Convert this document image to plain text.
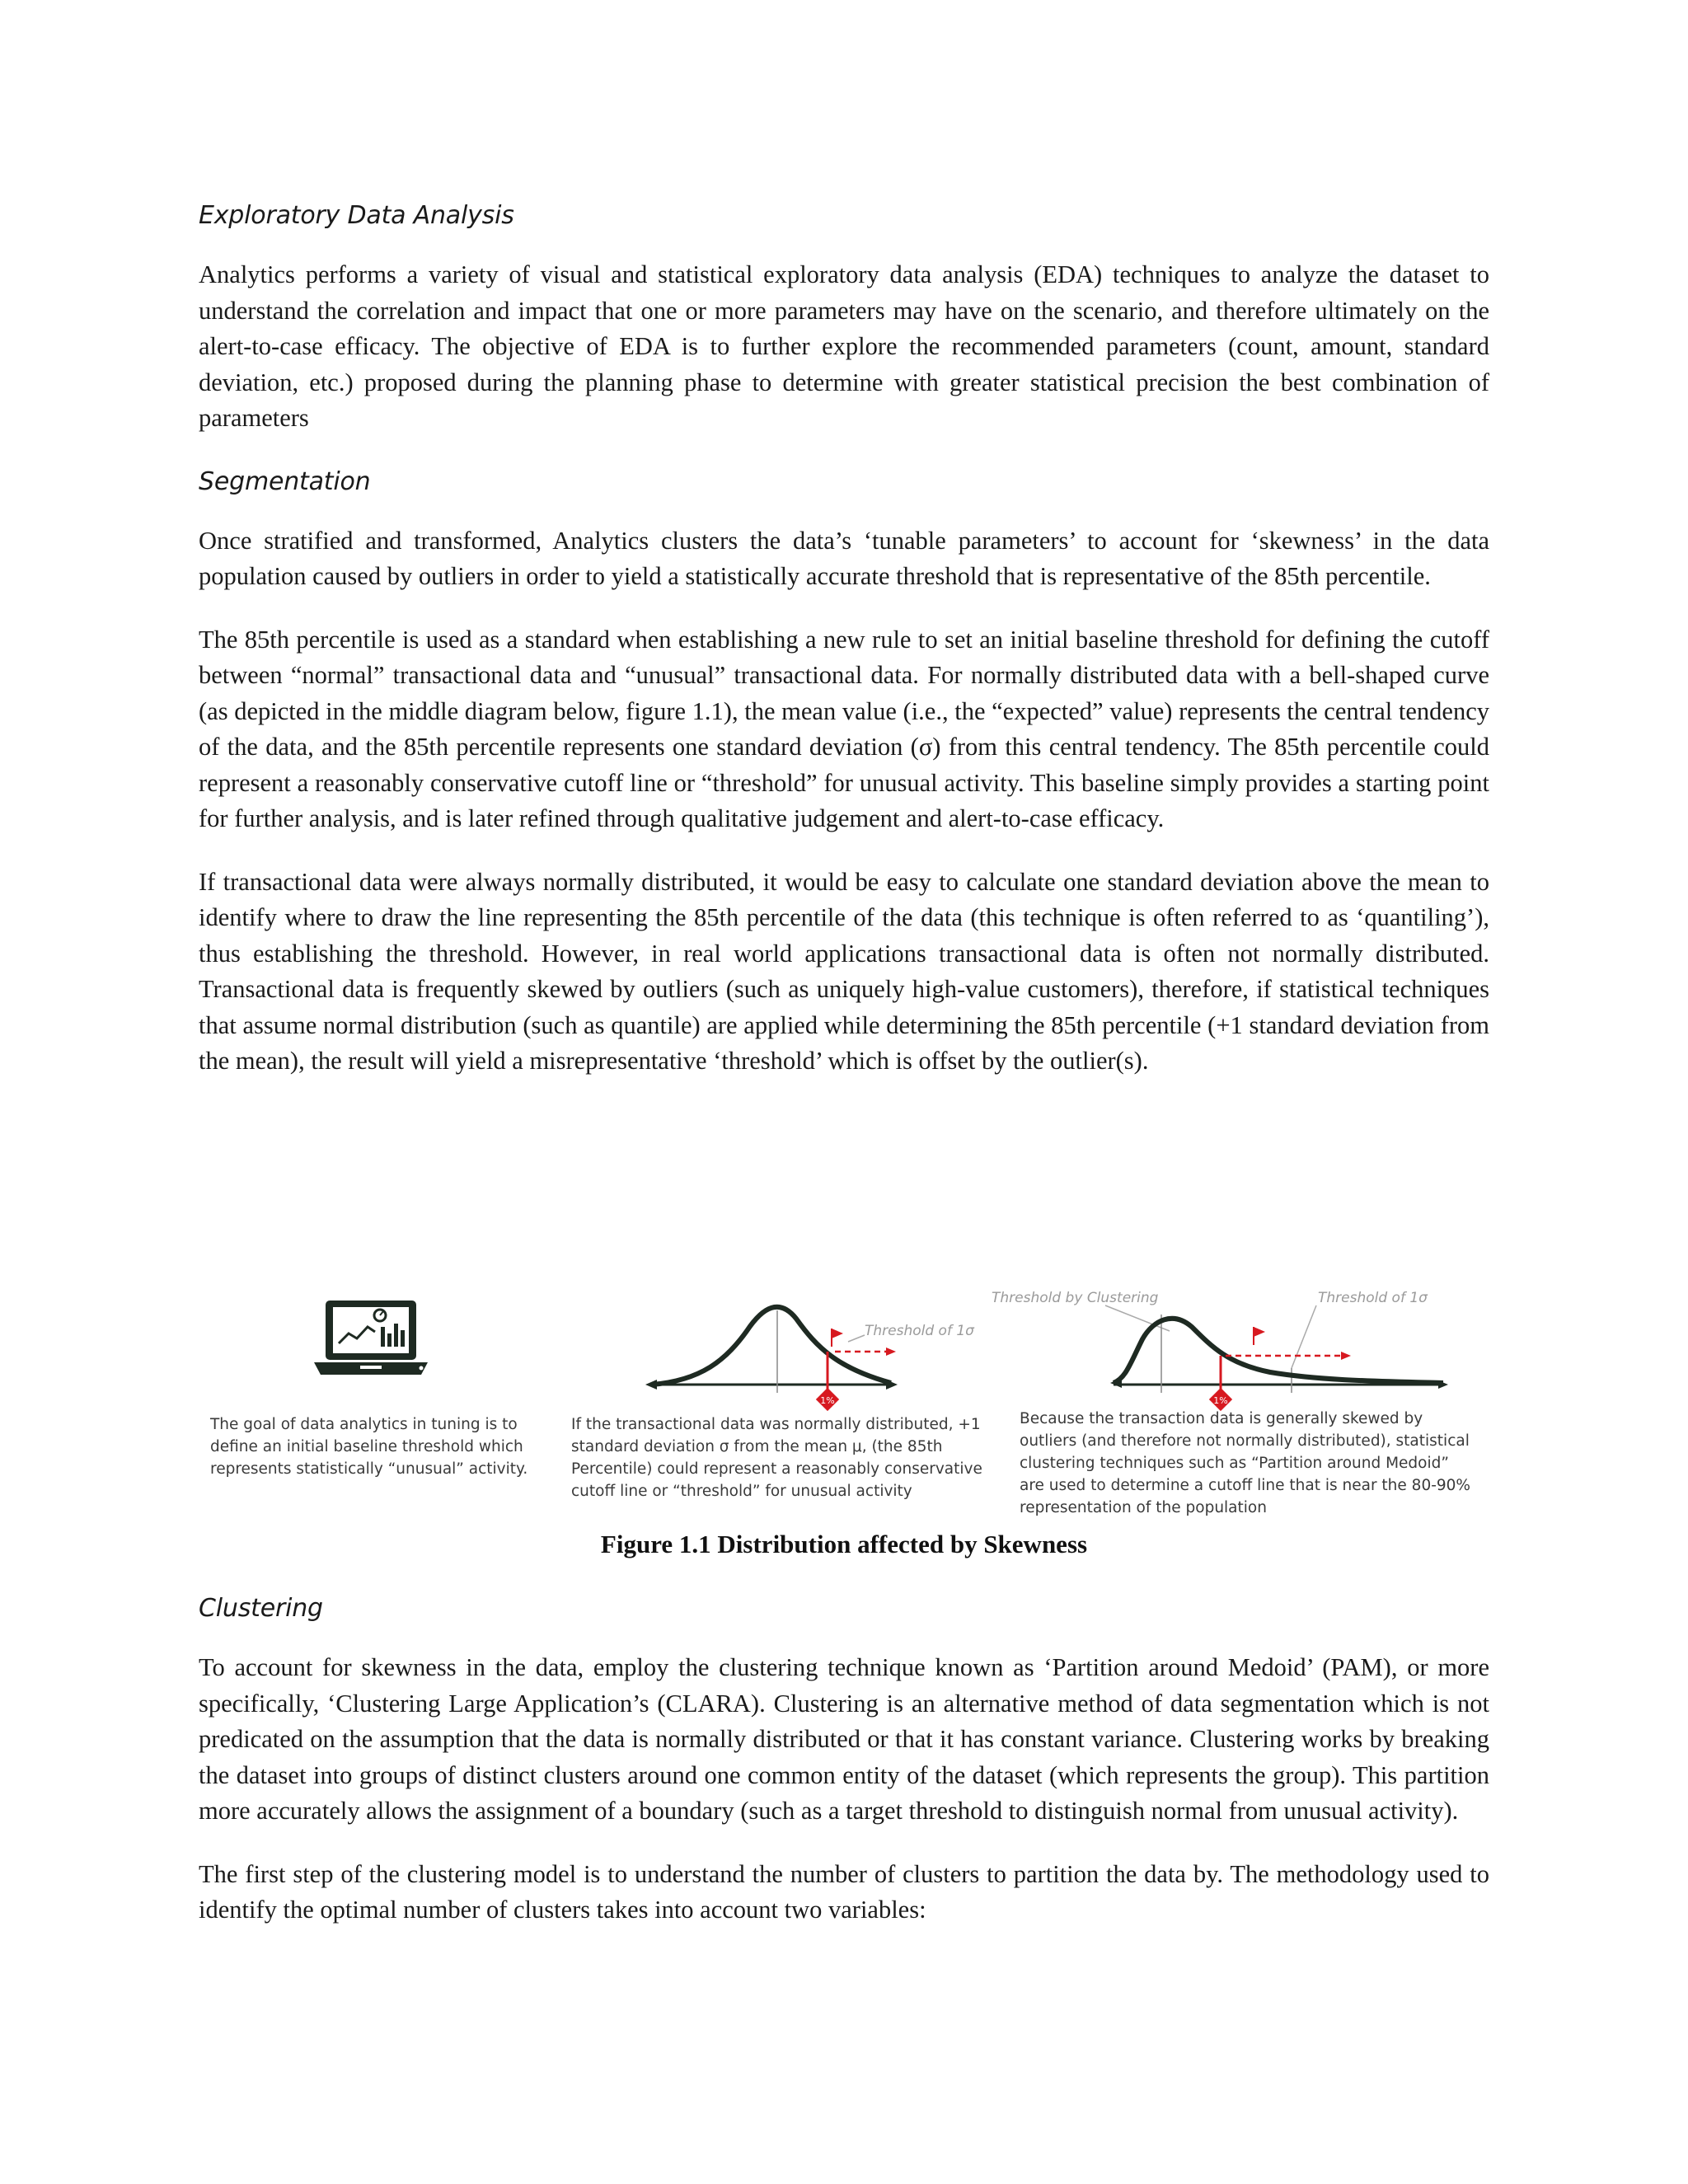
Exploratory Data Analysis

Analytics performs a variety of visual and statistical exploratory data analysis (EDA) techniques to analyze the dataset to understand the correlation and impact that one or more parameters may have on the scenario, and therefore ultimately on the alert-to-case efficacy. The objective of EDA is to further explore the recommended parameters (count, amount, standard deviation, etc.) proposed during the planning phase to determine with greater statistical precision the best combination of parameters

Segmentation

Once stratified and transformed, Analytics clusters the data’s ‘tunable parameters’ to account for ‘skewness’ in the data population caused by outliers in order to yield a statistically accurate threshold that is representative of the 85th percentile.

The 85th percentile is used as a standard when establishing a new rule to set an initial baseline threshold for defining the cutoff between “normal” transactional data and “unusual” transactional data. For normally distributed data with a bell-shaped curve (as depicted in the middle diagram below, figure 1.1), the mean value (i.e., the “expected” value) represents the central tendency of the data, and the 85th percentile represents one standard deviation (σ) from this central tendency. The 85th percentile could represent a reasonably conservative cutoff line or “threshold” for unusual activity. This baseline simply provides a starting point for further analysis, and is later refined through qualitative judgement and alert-to-case efficacy.

If transactional data were always normally distributed, it would be easy to calculate one standard deviation above the mean to identify where to draw the line representing the 85th percentile of the data (this technique is often referred to as ‘quantiling’), thus establishing the threshold. However, in real world applications transactional data is often not normally distributed. Transactional data is frequently skewed by outliers (such as uniquely high-value customers), therefore, if statistical techniques that assume normal distribution (such as quantile) are applied while determining the 85th percentile (+1 standard deviation from the mean), the result will yield a misrepresentative ‘threshold’ which is offset by the outlier(s).

The goal of data analytics in tuning is to

define an initial baseline threshold which

represents statistically “unusual” activity.

Threshold of 1σ
1%

If the transactional data was normally distributed, +1

standard deviation σ from the mean μ, (the 85th

Percentile) could represent a reasonably conservative

cutoff line or “threshold” for unusual activity

Threshold by Clustering	Threshold of 1σ
1%

Because the transaction data is generally skewed by

outliers (and therefore not normally distributed), statistical

clustering techniques such as “Partition around Medoid”

are used to determine a cutoff line that is near the 80-90%

representation of the population

Figure 1.1 Distribution affected by Skewness

Clustering

To account for skewness in the data, employ the clustering technique known as ‘Partition around Medoid’ (PAM), or more specifically, ‘Clustering Large Application’s (CLARA). Clustering is an alternative method of data segmentation which is not predicated on the assumption that the data is normally distributed or that it has constant variance. Clustering works by breaking the dataset into groups of distinct clusters around one common entity of the dataset (which represents the group). This partition more accurately allows the assignment of a boundary (such as a target threshold to distinguish normal from unusual activity).

The first step of the clustering model is to understand the number of clusters to partition the data by. The methodology used to identify the optimal number of clusters takes into account two variables:
